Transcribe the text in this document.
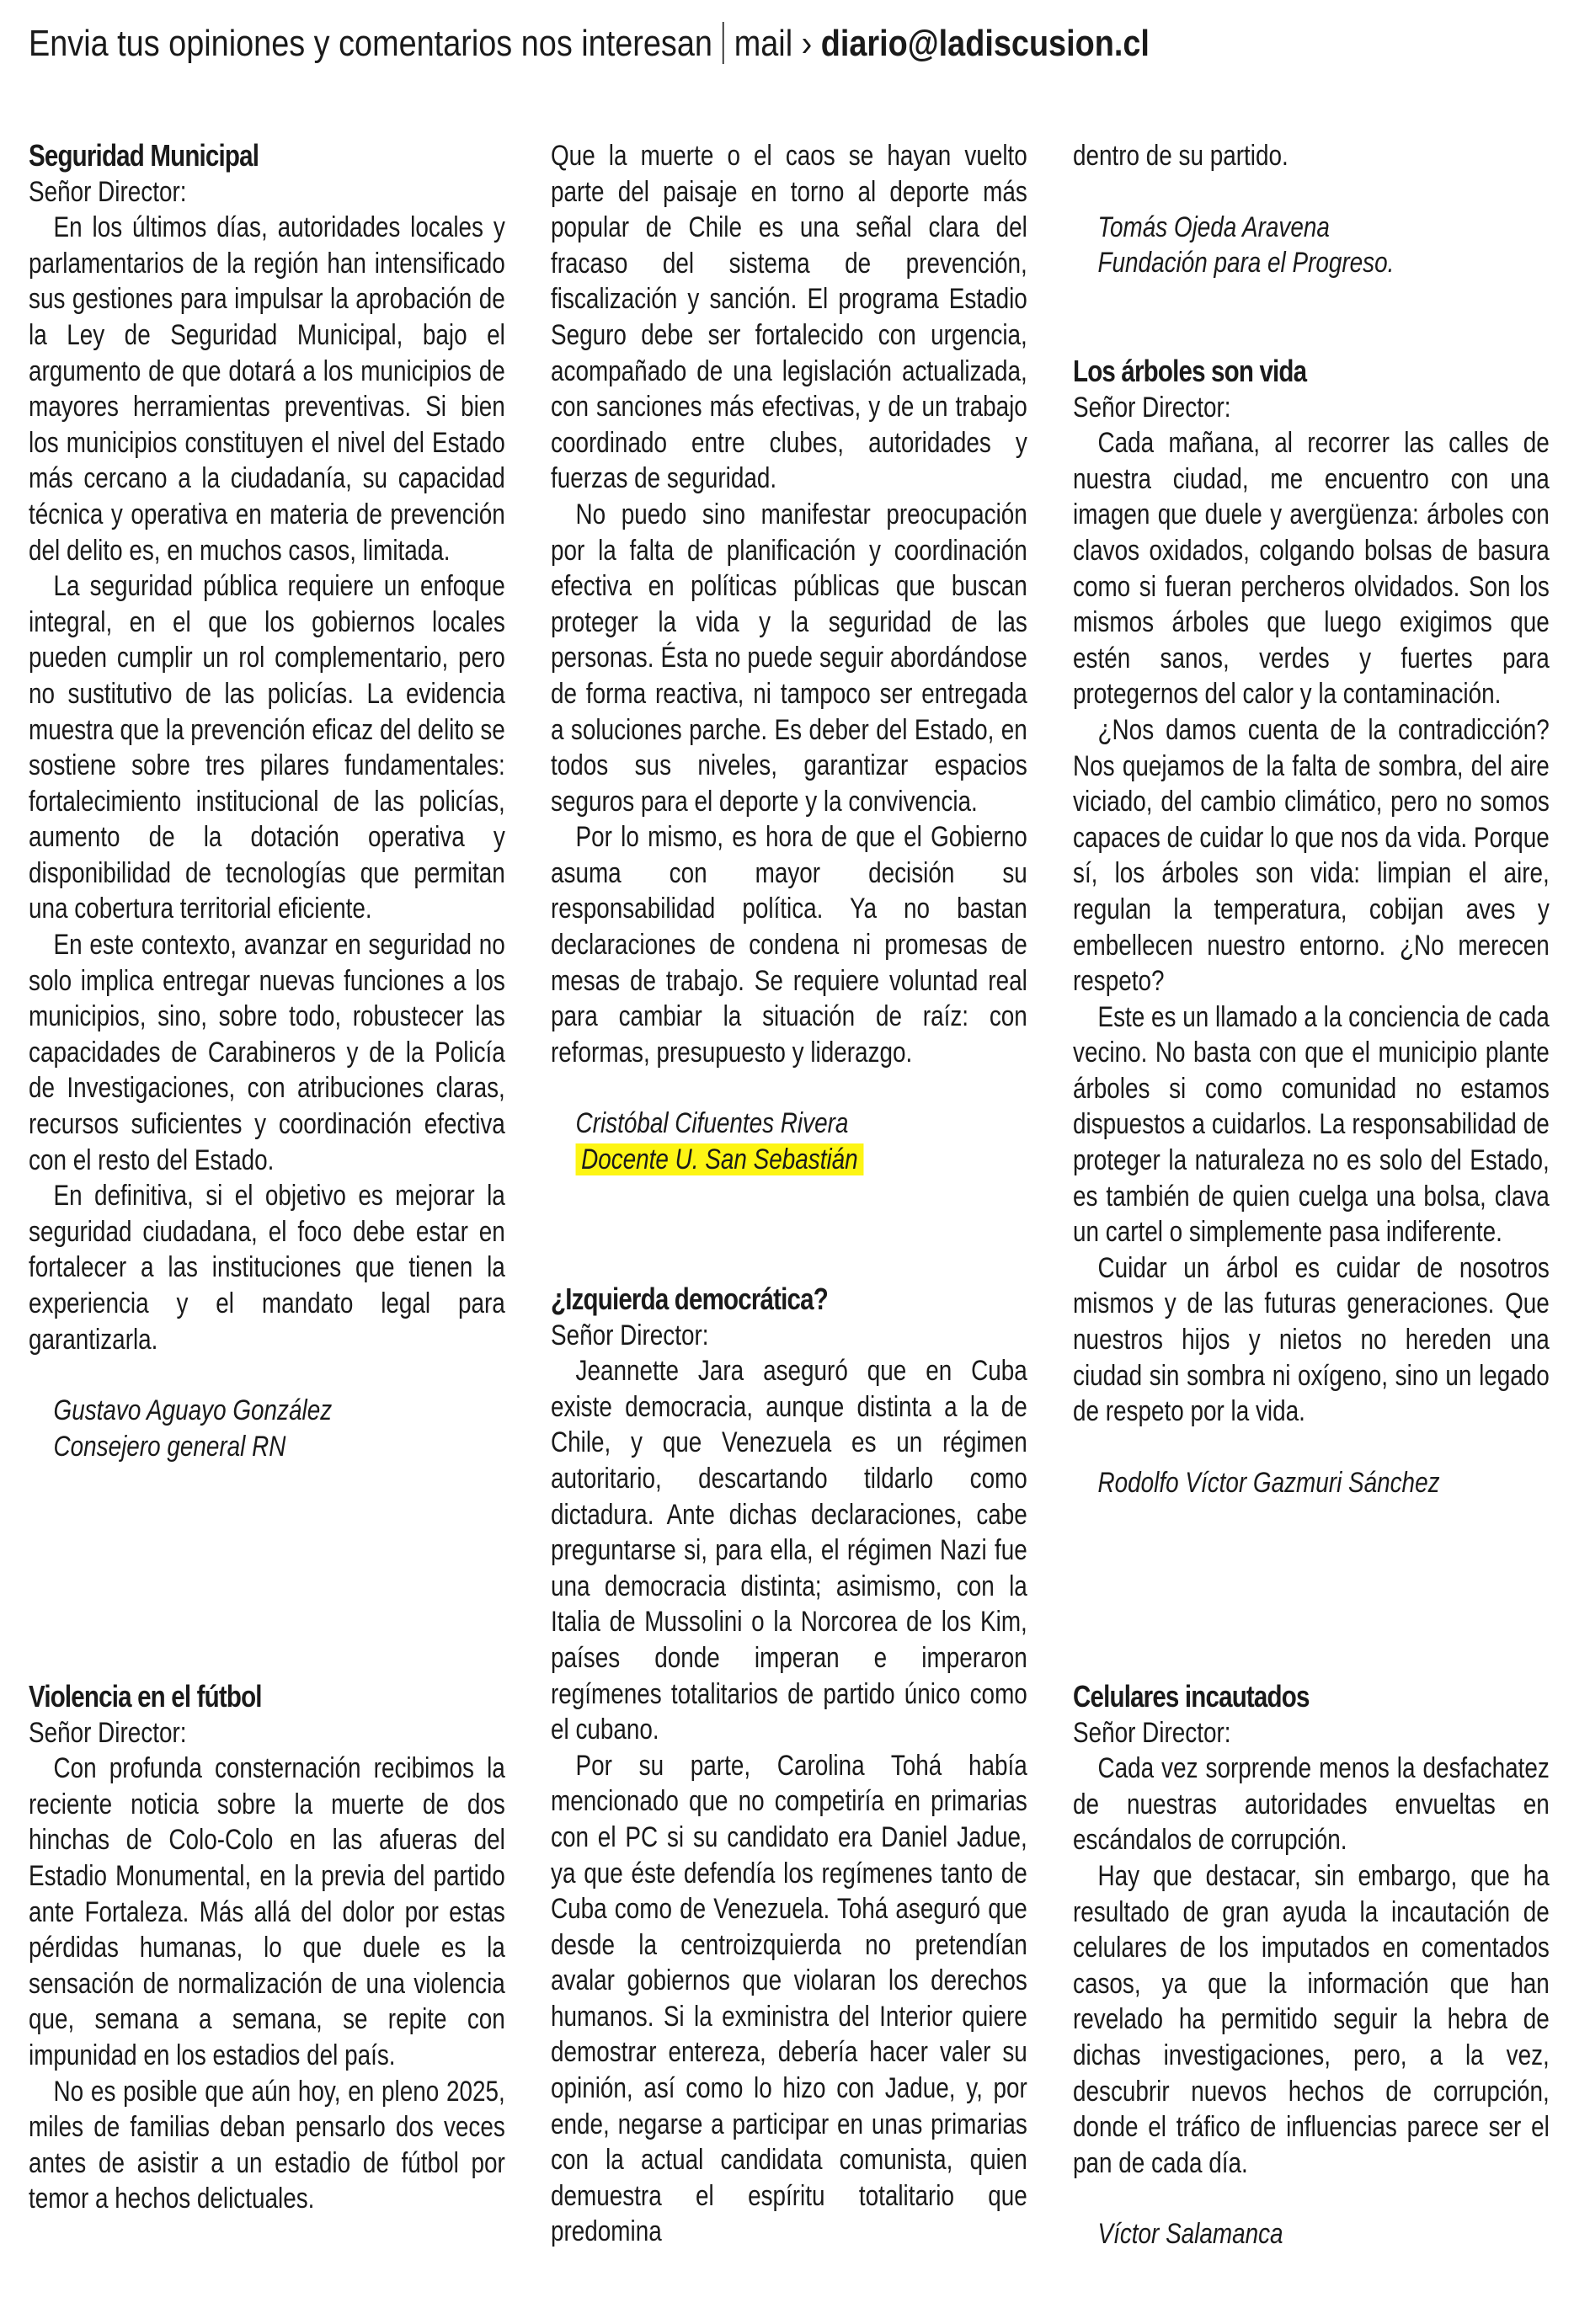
Envia tus opiniones y comentarios nos interesan mail › diario@ladiscusion.cl
Seguridad Municipal

Señor Director:

En los últimos días, autoridades locales y parlamentarios de la región han intensificado sus gestiones para impulsar la aprobación de la Ley de Seguridad Municipal, bajo el argumento de que dotará a los municipios de mayores herramientas preventivas. Si bien los municipios constituyen el nivel del Estado más cercano a la ciudadanía, su capacidad técnica y operativa en materia de prevención del delito es, en muchos casos, limitada.

La seguridad pública requiere un enfoque integral, en el que los gobiernos locales pueden cumplir un rol complementario, pero no sustitutivo de las policías. La evidencia muestra que la prevención eficaz del delito se sostiene sobre tres pilares fundamentales: fortalecimiento institucional de las policías, aumento de la dotación operativa y disponibilidad de tecnologías que permitan una cobertura territorial eficiente.

En este contexto, avanzar en seguridad no solo implica entregar nuevas funciones a los municipios, sino, sobre todo, robustecer las capacidades de Carabineros y de la Policía de Investigaciones, con atribuciones claras, recursos suficientes y coordinación efectiva con el resto del Estado.

En definitiva, si el objetivo es mejorar la seguridad ciudadana, el foco debe estar en fortalecer a las instituciones que tienen la experiencia y el mandato legal para garantizarla.

Gustavo Aguayo González

Consejero general RN

Violencia en el fútbol

Señor Director:

Con profunda consternación recibimos la reciente noticia sobre la muerte de dos hinchas de Colo-Colo en las afueras del Estadio Monumental, en la previa del partido ante Fortaleza. Más allá del dolor por estas pérdidas humanas, lo que duele es la sensación de normalización de una violencia que, semana a semana, se repite con impunidad en los estadios del país.

No es posible que aún hoy, en pleno 2025, miles de familias deban pensarlo dos veces antes de asistir a un estadio de fútbol por temor a hechos delictuales.

Que la muerte o el caos se hayan vuelto parte del paisaje en torno al deporte más popular de Chile es una señal clara del fracaso del sistema de prevención, fiscalización y sanción. El programa Estadio Seguro debe ser fortalecido con urgencia, acompañado de una legislación actualizada, con sanciones más efectivas, y de un trabajo coordinado entre clubes, autoridades y fuerzas de seguridad.

No puedo sino manifestar preocupación por la falta de planificación y coordinación efectiva en políticas públicas que buscan proteger la vida y la seguridad de las personas. Ésta no puede seguir abordándose de forma reactiva, ni tampoco ser entregada a soluciones parche. Es deber del Estado, en todos sus niveles, garantizar espacios seguros para el deporte y la convivencia.

Por lo mismo, es hora de que el Gobierno asuma con mayor decisión su responsabilidad política. Ya no bastan declaraciones de condena ni promesas de mesas de trabajo. Se requiere voluntad real para cambiar la situación de raíz: con reformas, presupuesto y liderazgo.

Cristóbal Cifuentes Rivera

Docente U. San Sebastián

¿Izquierda democrática?

Señor Director:

Jeannette Jara aseguró que en Cuba existe democracia, aunque distinta a la de Chile, y que Venezuela es un régimen autoritario, descartando tildarlo como dictadura. Ante dichas declaraciones, cabe preguntarse si, para ella, el régimen Nazi fue una democracia distinta; asimismo, con la Italia de Mussolini o la Norcorea de los Kim, países donde imperan e imperaron regímenes totalitarios de partido único como el cubano.

Por su parte, Carolina Tohá había mencionado que no competiría en primarias con el PC si su candidato era Daniel Jadue, ya que éste defendía los regímenes tanto de Cuba como de Venezuela. Tohá aseguró que desde la centroizquierda no pretendían avalar gobiernos que violaran los derechos humanos. Si la exministra del Interior quiere demostrar entereza, debería hacer valer su opinión, así como lo hizo con Jadue, y, por ende, negarse a participar en unas primarias con la actual candidata comunista, quien demuestra el espíritu totalitario que predomina

dentro de su partido.

Tomás Ojeda Aravena

Fundación para el Progreso.

Los árboles son vida

Señor Director:

Cada mañana, al recorrer las calles de nuestra ciudad, me encuentro con una imagen que duele y avergüenza: árboles con clavos oxidados, colgando bolsas de basura como si fueran percheros olvidados. Son los mismos árboles que luego exigimos que estén sanos, verdes y fuertes para protegernos del calor y la contaminación.

¿Nos damos cuenta de la contradicción? Nos quejamos de la falta de sombra, del aire viciado, del cambio climático, pero no somos capaces de cuidar lo que nos da vida. Porque sí, los árboles son vida: limpian el aire, regulan la temperatura, cobijan aves y embellecen nuestro entorno. ¿No merecen respeto?

Este es un llamado a la conciencia de cada vecino. No basta con que el municipio plante árboles si como comunidad no estamos dispuestos a cuidarlos. La responsabilidad de proteger la naturaleza no es solo del Estado, es también de quien cuelga una bolsa, clava un cartel o simplemente pasa indiferente.

Cuidar un árbol es cuidar de nosotros mismos y de las futuras generaciones. Que nuestros hijos y nietos no hereden una ciudad sin sombra ni oxígeno, sino un legado de respeto por la vida.

Rodolfo Víctor Gazmuri Sánchez

Celulares incautados

Señor Director:

Cada vez sorprende menos la desfachatez de nuestras autoridades envueltas en escándalos de corrupción.

Hay que destacar, sin embargo, que ha resultado de gran ayuda la incautación de celulares de los imputados en comentados casos, ya que la información que han revelado ha permitido seguir la hebra de dichas investigaciones, pero, a la vez, descubrir nuevos hechos de corrupción, donde el tráfico de influencias parece ser el pan de cada día.

Víctor Salamanca
